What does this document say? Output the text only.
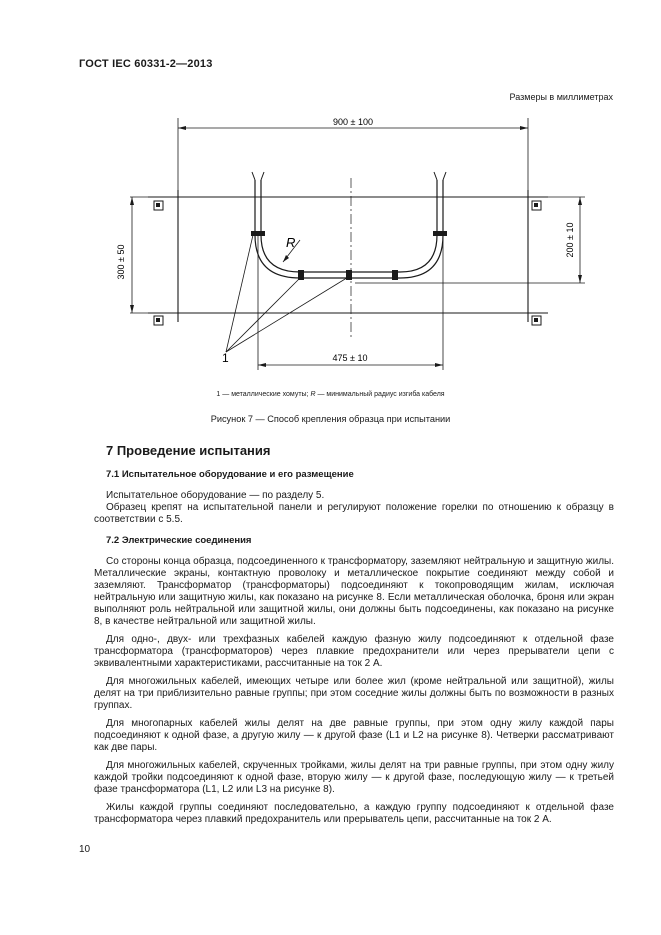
ГОСТ IEC 60331-2—2013
Размеры в миллиметрах
900 ± 100
300 ± 50
200 ± 10
475 ± 10
R
1
1 — металлические хомуты; R — минимальный радиус изгиба кабеля
Рисунок 7 — Способ крепления образца при испытании
7 Проведение испытания
7.1 Испытательное оборудование и его размещение

Испытательное оборудование — по разделу 5.

Образец крепят на испытательной панели и регулируют положение горелки по отношению к образцу в соответствии с 5.5.

7.2 Электрические соединения

Со стороны конца образца, подсоединенного к трансформатору, заземляют нейтральную и защитную жилы. Металлические экраны, контактную проволоку и металлическое покрытие соединяют между собой и заземляют. Трансформатор (трансформаторы) подсоединяют к токопроводящим жилам, исключая нейтральную или защитную жилы, как показано на рисунке 8. Если металлическая оболочка, броня или экран выполняют роль нейтральной или защитной жилы, они должны быть подсоединены, как показано на рисунке 8, в качестве нейтральной или защитной жилы.

Для одно-, двух- или трехфазных кабелей каждую фазную жилу подсоединяют к отдельной фазе трансформатора (трансформаторов) через плавкие предохранители или через прерыватели цепи с эквивалентными характеристиками, рассчитанные на ток 2 А.

Для многожильных кабелей, имеющих четыре или более жил (кроме нейтральной или защитной), жилы делят на три приблизительно равные группы; при этом соседние жилы должны быть по возможности в разных группах.

Для многопарных кабелей жилы делят на две равные группы, при этом одну жилу каждой пары подсоединяют к одной фазе, а другую жилу — к другой фазе (L1 и L2 на рисунке 8). Четверки рассматривают как две пары.

Для многожильных кабелей, скрученных тройками, жилы делят на три равные группы, при этом одну жилу каждой тройки подсоединяют к одной фазе, вторую жилу — к другой фазе, последующую жилу — к третьей фазе трансформатора (L1, L2 или L3 на рисунке 8).

Жилы каждой группы соединяют последовательно, а каждую группу подсоединяют к отдельной фазе трансформатора через плавкий предохранитель или прерыватель цепи, рассчитанные на ток 2 А.

10
